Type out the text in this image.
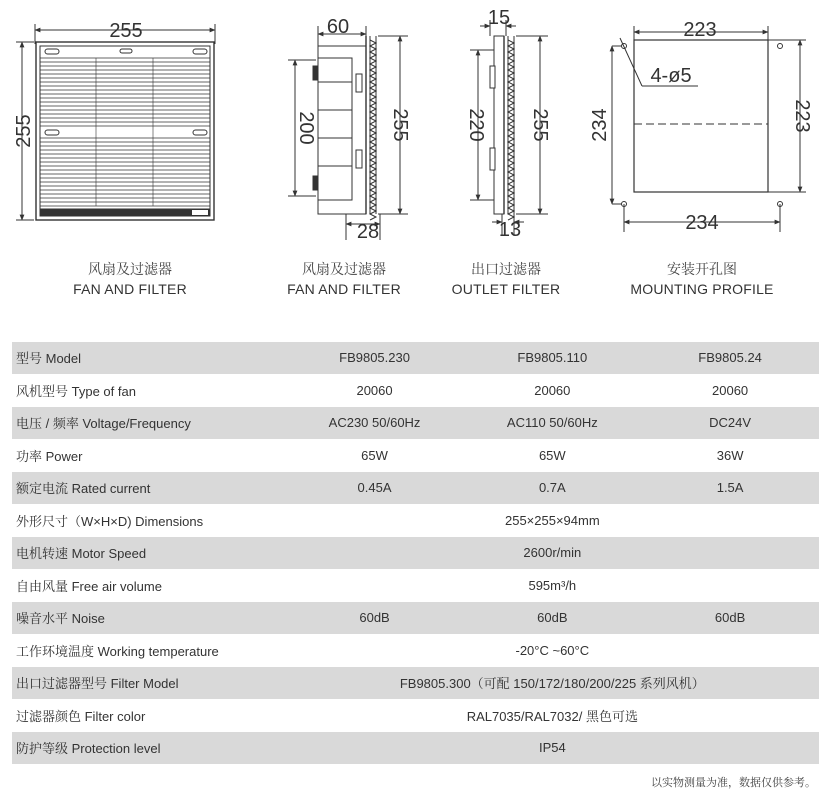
255
255
60
200	255
28
15
220 255
13
223
4-ø5
234	223
234
风扇及过滤器
FAN AND FILTER
风扇及过滤器
FAN AND FILTER
出口过滤器
OUTLET FILTER
安装开孔图
MOUNTING PROFILE
型号 Model	FB9805.230	FB9805.110	FB9805.24
风机型号 Type of fan	20060	20060	20060
电压 / 频率 Voltage/Frequency	AC230 50/60Hz	AC110 50/60Hz	DC24V
功率 Power	65W	65W	36W
额定电流 Rated current	0.45A	0.7A	1.5A
外形尺寸（W×H×D) Dimensions	255×255×94mm		
电机转速 Motor Speed	2600r/min		
自由风量 Free air volume	595m³/h		
噪音水平 Noise	60dB	60dB	60dB
工作环境温度 Working temperature	-20°C ~60°C		
出口过滤器型号 Filter Model	FB9805.300（可配 150/172/180/200/225 系列风机）		
过滤器颜色 Filter color	RAL7035/RAL7032/ 黑色可选		
防护等级 Protection level	IP54		
以实物测量为准，数据仅供参考。
